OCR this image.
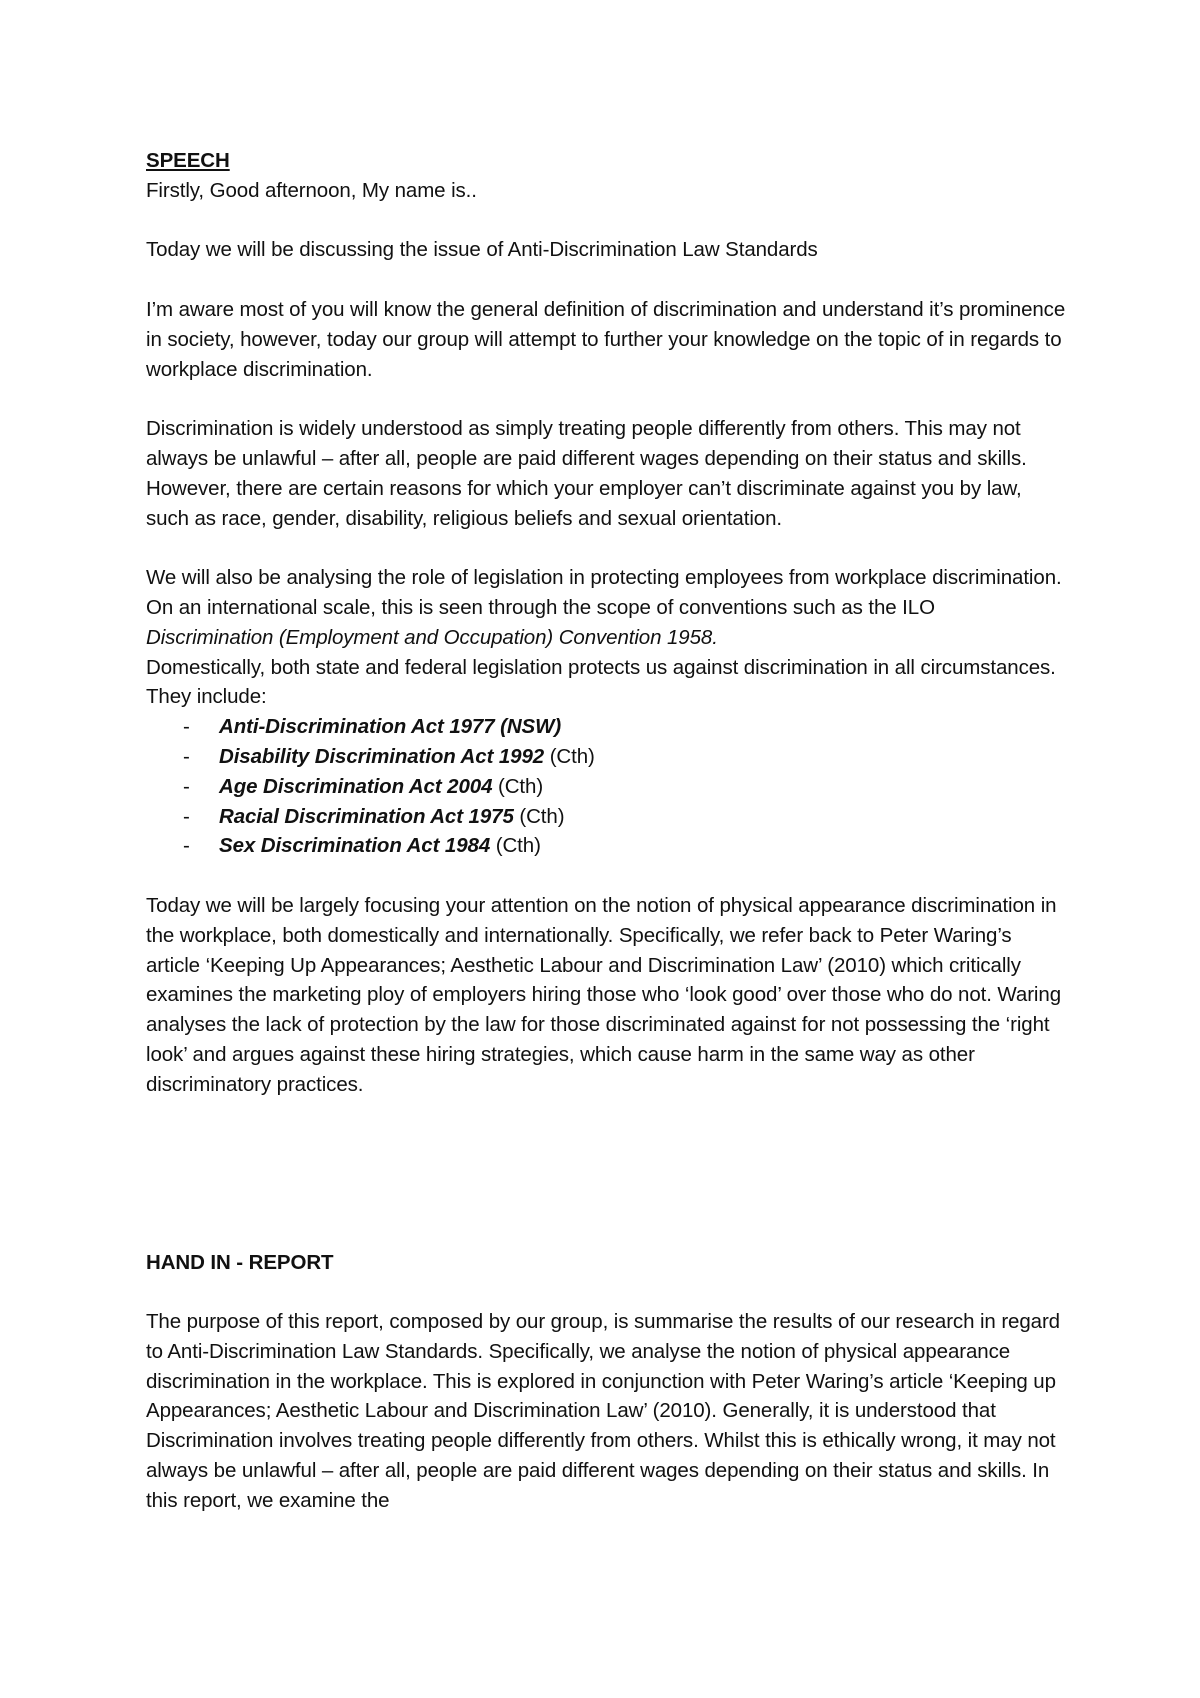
SPEECH

Firstly, Good afternoon, My name is..

Today we will be discussing the issue of Anti-Discrimination Law Standards

I’m aware most of you will know the general definition of discrimination and understand it’s prominence in society, however, today our group will attempt to further your knowledge on the topic of in regards to workplace discrimination.

Discrimination is widely understood as simply treating people differently from others. This may not always be unlawful – after all, people are paid different wages depending on their status and skills. However, there are certain reasons for which your employer can’t discriminate against you by law, such as race, gender, disability, religious beliefs and sexual orientation.

We will also be analysing the role of legislation in protecting employees from workplace discrimination. On an international scale, this is seen through the scope of conventions such as the ILO Discrimination (Employment and Occupation) Convention 1958.

Domestically, both state and federal legislation protects us against discrimination in all circumstances. They include:

- Anti-Discrimination Act 1977 (NSW)
- Disability Discrimination Act 1992 (Cth)
- Age Discrimination Act 2004 (Cth)
- Racial Discrimination Act 1975 (Cth)
- Sex Discrimination Act 1984 (Cth)

Today we will be largely focusing your attention on the notion of physical appearance discrimination in the workplace, both domestically and internationally. Specifically, we refer back to Peter Waring’s article ‘Keeping Up Appearances; Aesthetic Labour and Discrimination Law’ (2010) which critically examines the marketing ploy of employers hiring those who ‘look good’ over those who do not. Waring analyses the lack of protection by the law for those discriminated against for not possessing the ‘right look’ and argues against these hiring strategies, which cause harm in the same way as other discriminatory practices.

HAND IN - REPORT

The purpose of this report, composed by our group, is summarise the results of our research in regard to Anti-Discrimination Law Standards. Specifically, we analyse the notion of physical appearance discrimination in the workplace. This is explored in conjunction with Peter Waring’s article ‘Keeping up Appearances; Aesthetic Labour and Discrimination Law’ (2010). Generally, it is understood that Discrimination involves treating people differently from others. Whilst this is ethically wrong, it may not always be unlawful – after all, people are paid different wages depending on their status and skills. In this report, we examine the
